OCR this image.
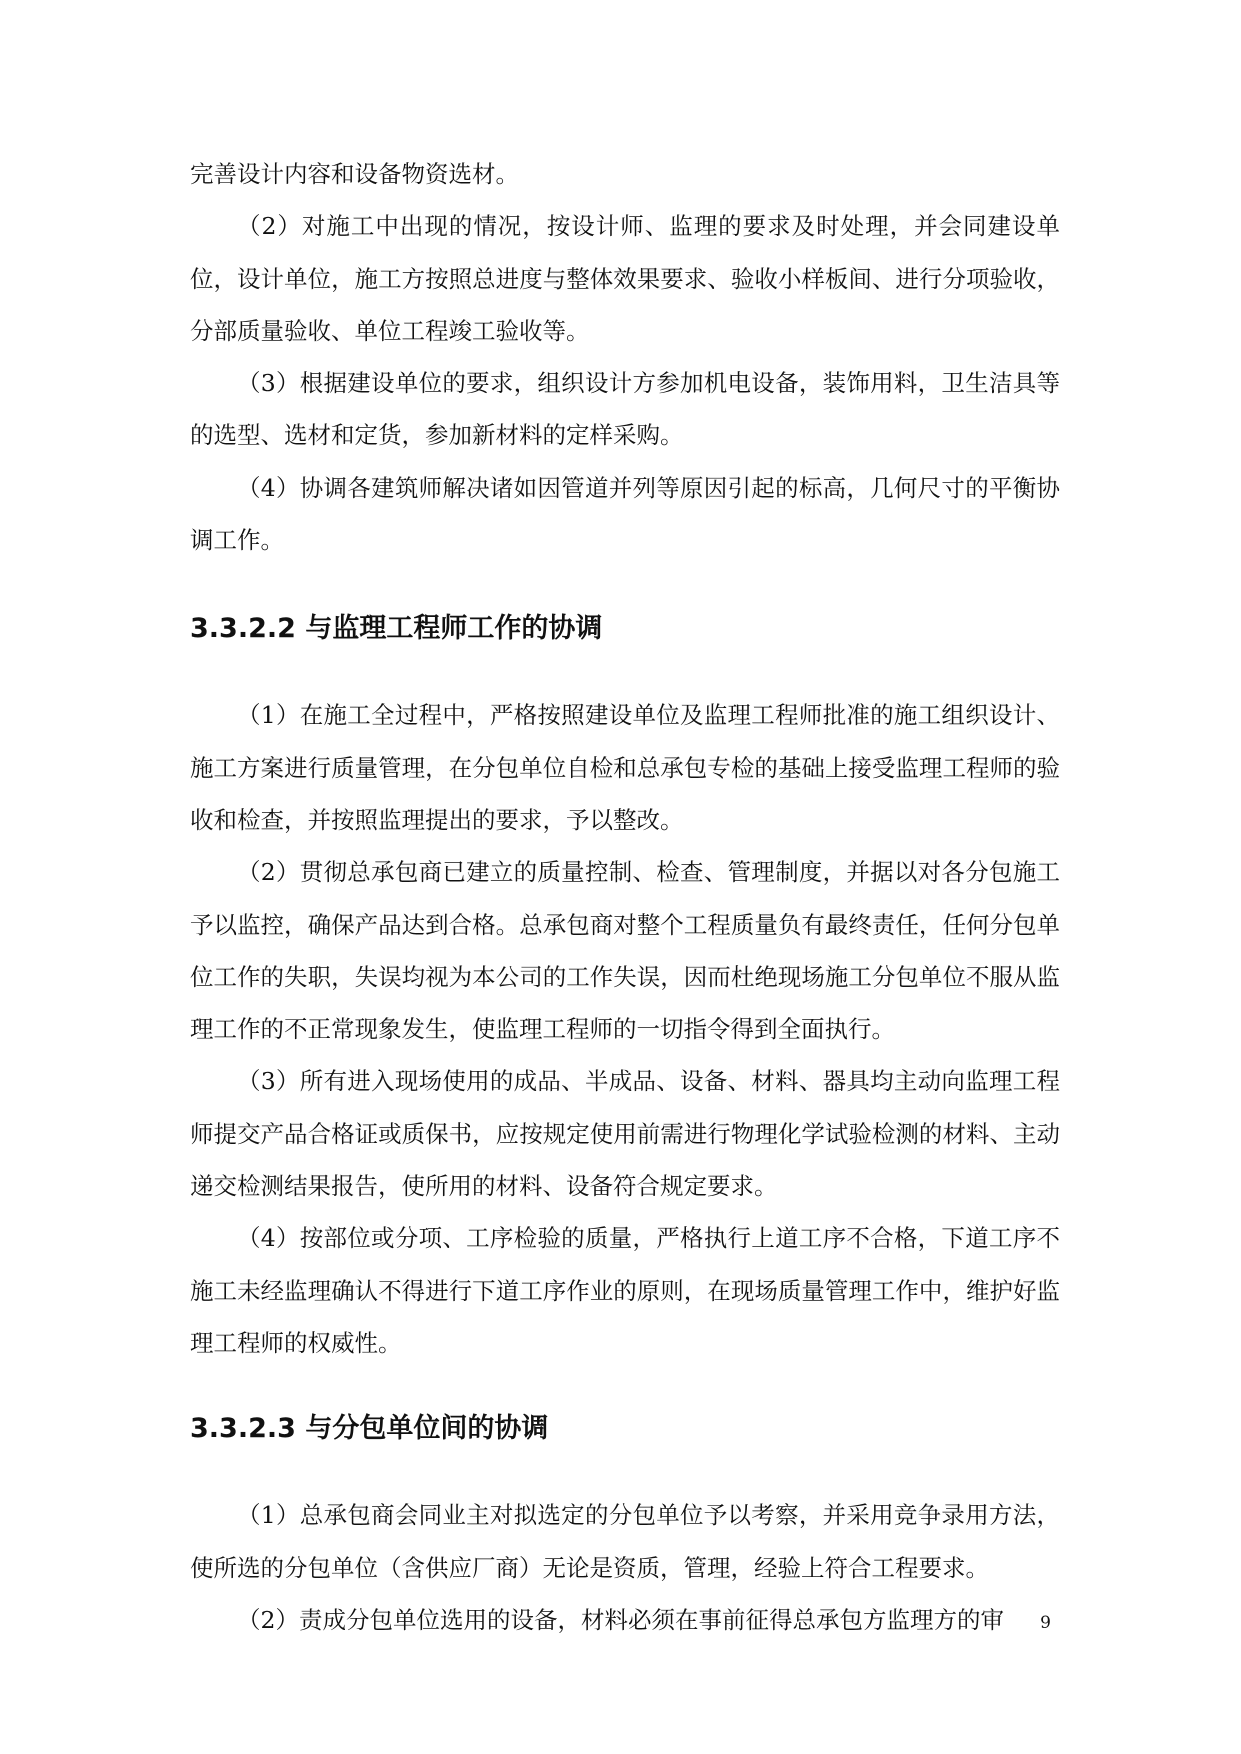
完善设计内容和设备物资选材。

（2）对施工中出现的情况，按设计师、监理的要求及时处理，并会同建设单位，设计单位，施工方按照总进度与整体效果要求、验收小样板间、进行分项验收，分部质量验收、单位工程竣工验收等。

（3）根据建设单位的要求，组织设计方参加机电设备，装饰用料，卫生洁具等的选型、选材和定货，参加新材料的定样采购。

（4）协调各建筑师解决诸如因管道并列等原因引起的标高，几何尺寸的平衡协调工作。

3.3.2.2 与监理工程师工作的协调

（1）在施工全过程中，严格按照建设单位及监理工程师批准的施工组织设计、施工方案进行质量管理，在分包单位自检和总承包专检的基础上接受监理工程师的验收和检查，并按照监理提出的要求，予以整改。

（2）贯彻总承包商已建立的质量控制、检查、管理制度，并据以对各分包施工予以监控，确保产品达到合格。总承包商对整个工程质量负有最终责任，任何分包单位工作的失职，失误均视为本公司的工作失误，因而杜绝现场施工分包单位不服从监理工作的不正常现象发生，使监理工程师的一切指令得到全面执行。

（3）所有进入现场使用的成品、半成品、设备、材料、器具均主动向监理工程师提交产品合格证或质保书，应按规定使用前需进行物理化学试验检测的材料、主动递交检测结果报告，使所用的材料、设备符合规定要求。

（4）按部位或分项、工序检验的质量，严格执行上道工序不合格，下道工序不施工未经监理确认不得进行下道工序作业的原则，在现场质量管理工作中，维护好监理工程师的权威性。

3.3.2.3 与分包单位间的协调

（1）总承包商会同业主对拟选定的分包单位予以考察，并采用竞争录用方法，使所选的分包单位（含供应厂商）无论是资质，管理，经验上符合工程要求。

（2）责成分包单位选用的设备，材料必须在事前征得总承包方监理方的审	9
